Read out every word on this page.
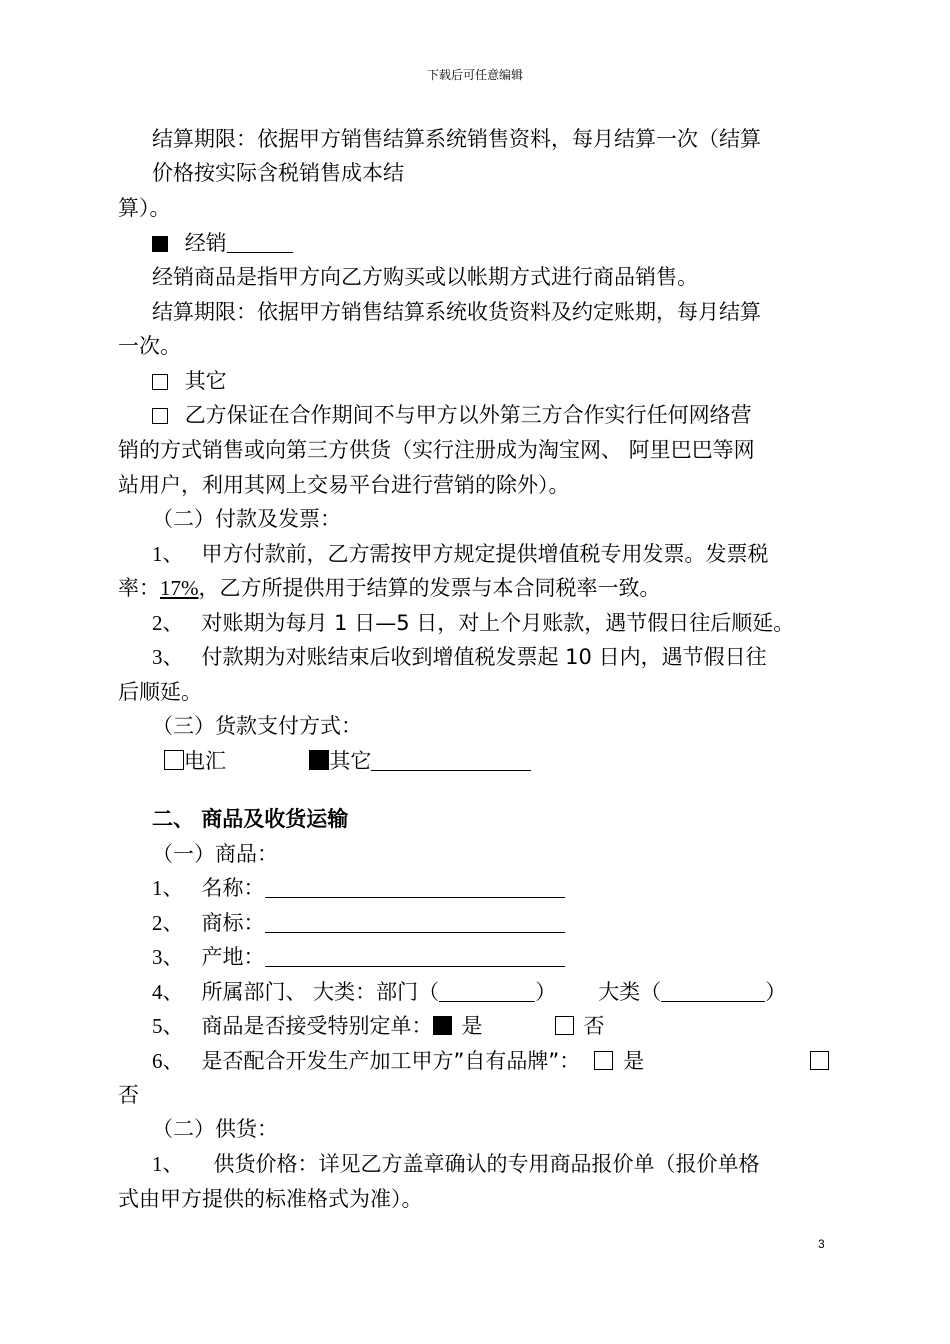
下载后可任意编辑
结算期限：依据甲方销售结算系统销售资料，每月结算一次（结算
价格按实际含税销售成本结
算）。
经销
经销商品是指甲方向乙方购买或以帐期方式进行商品销售。
结算期限：依据甲方销售结算系统收货资料及约定账期，每月结算
一次。
其它
乙方保证在合作期间不与甲方以外第三方合作实行任何网络营
销的方式销售或向第三方供货（实行注册成为淘宝网、 阿里巴巴等网
站用户，利用其网上交易平台进行营销的除外）。
（二）付款及发票：
1、 甲方付款前，乙方需按甲方规定提供增值税专用发票。发票税
率：17%，乙方所提供用于结算的发票与本合同税率一致。
2、 对账期为每月 1 日—5 日，对上个月账款，遇节假日往后顺延。
3、 付款期为对账结束后收到增值税发票起 10 日内，遇节假日往
后顺延。
（三）货款支付方式：
电汇	其它
二、 商品及收货运输
（一）商品：
1、 名称：
2、 商标：
3、 产地：
4、 所属部门、 大类：部门（	） 大类（	）
5、 商品是否接受特别定单： 是	否
6、 是否配合开发生产加工甲方”自有品牌”： 是
否
（二）供货：
1、 供货价格：详见乙方盖章确认的专用商品报价单（报价单格
式由甲方提供的标准格式为准）。
3
